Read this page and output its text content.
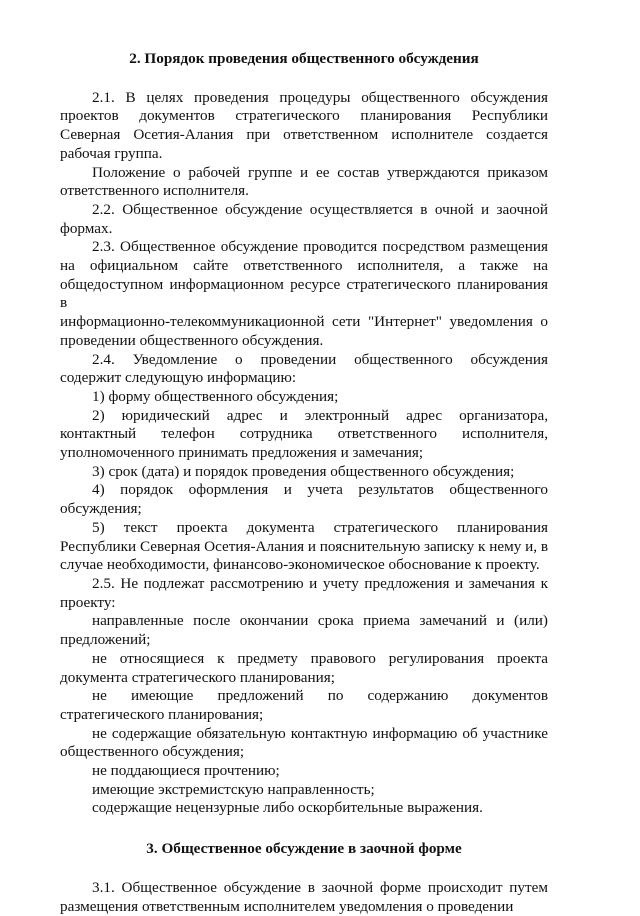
2. Порядок проведения общественного обсуждения

2.1. В целях проведения процедуры общественного обсуждения
проектов документов стратегического планирования Республики
Северная Осетия-Алания при ответственном исполнителе создается
рабочая группа.
Положение о рабочей группе и ее состав утверждаются приказом
ответственного исполнителя.
2.2. Общественное обсуждение осуществляется в очной и заочной
формах.
2.3. Общественное обсуждение проводится посредством размещения
на официальном сайте ответственного исполнителя, а также на
общедоступном информационном ресурсе стратегического планирования в
информационно-телекоммуникационной сети "Интернет" уведомления о
проведении общественного обсуждения.
2.4. Уведомление о проведении общественного обсуждения
содержит следующую информацию:
1) форму общественного обсуждения;
2) юридический адрес и электронный адрес организатора,
контактный телефон сотрудника ответственного исполнителя,
уполномоченного принимать предложения и замечания;
3) срок (дата) и порядок проведения общественного обсуждения;
4) порядок оформления и учета результатов общественного
обсуждения;
5) текст проекта документа стратегического планирования
Республики Северная Осетия-Алания и пояснительную записку к нему и, в
случае необходимости, финансово-экономическое обоснование к проекту.
2.5. Не подлежат рассмотрению и учету предложения и замечания к
проекту:
направленные после окончании срока приема замечаний и (или)
предложений;
не относящиеся к предмету правового регулирования проекта
документа стратегического планирования;
не имеющие предложений по содержанию документов
стратегического планирования;
не содержащие обязательную контактную информацию об участнике
общественного обсуждения;
не поддающиеся прочтению;
имеющие экстремистскую направленность;
содержащие нецензурные либо оскорбительные выражения.

3. Общественное обсуждение в заочной форме

3.1. Общественное обсуждение в заочной форме происходит путем
размещения ответственным исполнителем уведомления о проведении
